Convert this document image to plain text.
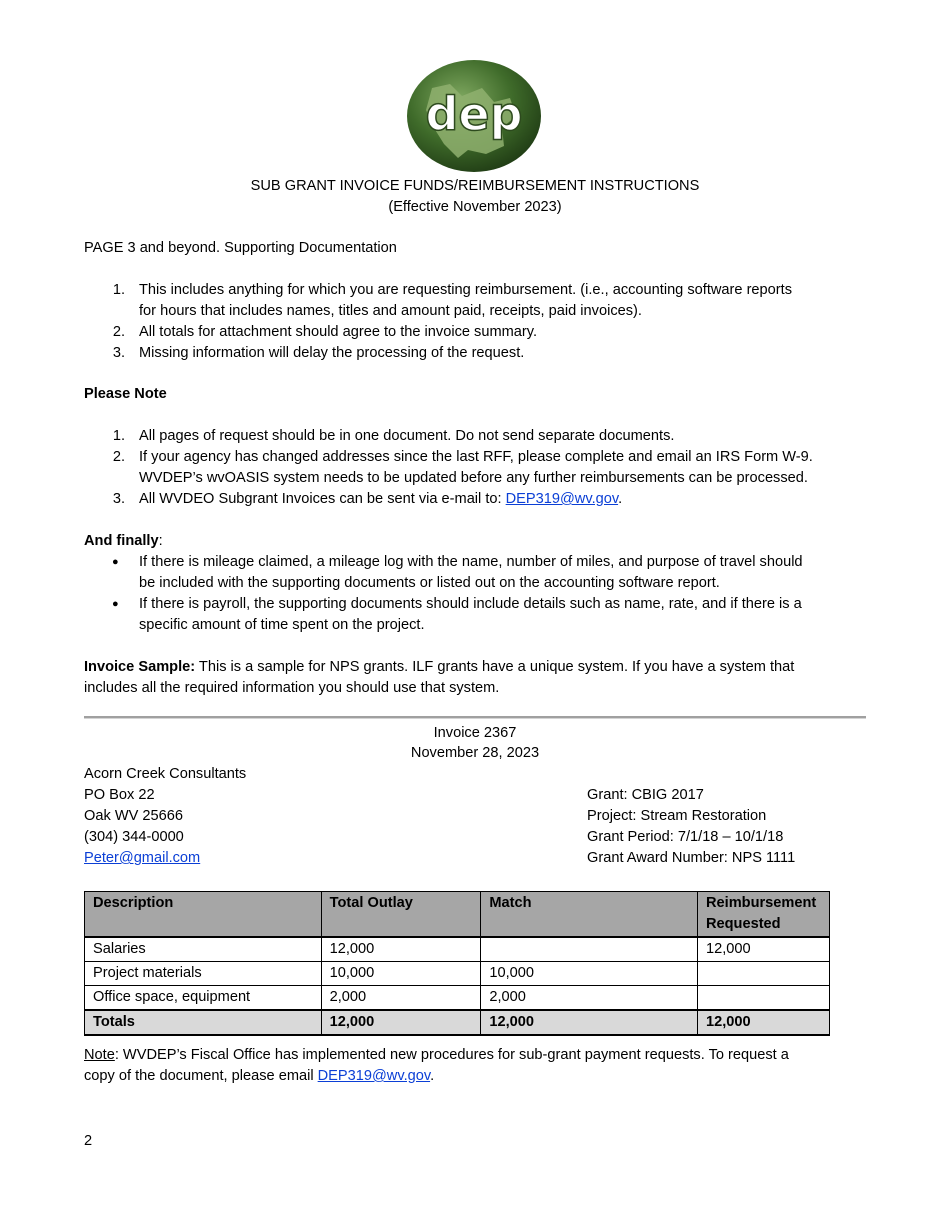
dep
SUB GRANT INVOICE FUNDS/REIMBURSEMENT INSTRUCTIONS
(Effective November 2023)
PAGE 3 and beyond. Supporting Documentation
1. This includes anything for which you are requesting reimbursement. (i.e., accounting software reports
for hours that includes names, titles and amount paid, receipts, paid invoices).
2. All totals for attachment should agree to the invoice summary.
3. Missing information will delay the processing of the request.
Please Note
1. All pages of request should be in one document. Do not send separate documents.
2. If your agency has changed addresses since the last RFF, please complete and email an IRS Form W-9.
WVDEP’s wvOASIS system needs to be updated before any further reimbursements can be processed.
3. All WVDEO Subgrant Invoices can be sent via e-mail to: DEP319@wv.gov.
And finally:
● If there is mileage claimed, a mileage log with the name, number of miles, and purpose of travel should
be included with the supporting documents or listed out on the accounting software report.
● If there is payroll, the supporting documents should include details such as name, rate, and if there is a
specific amount of time spent on the project.
Invoice Sample: This is a sample for NPS grants. ILF grants have a unique system. If you have a system that
includes all the required information you should use that system.
Invoice 2367
November 28, 2023
Acorn Creek Consultants
PO Box 22
Oak WV 25666
(304) 344-0000
Peter@gmail.com
Grant: CBIG 2017
Project: Stream Restoration
Grant Period: 7/1/18 – 10/1/18
Grant Award Number: NPS 1111
Description	Total Outlay	Match	Reimbursement Requested
Salaries	12,000		12,000
Project materials	10,000	10,000	
Office space, equipment	2,000	2,000	
Totals	12,000	12,000	12,000
Note: WVDEP’s Fiscal Office has implemented new procedures for sub-grant payment requests. To request a
copy of the document, please email DEP319@wv.gov.
2
